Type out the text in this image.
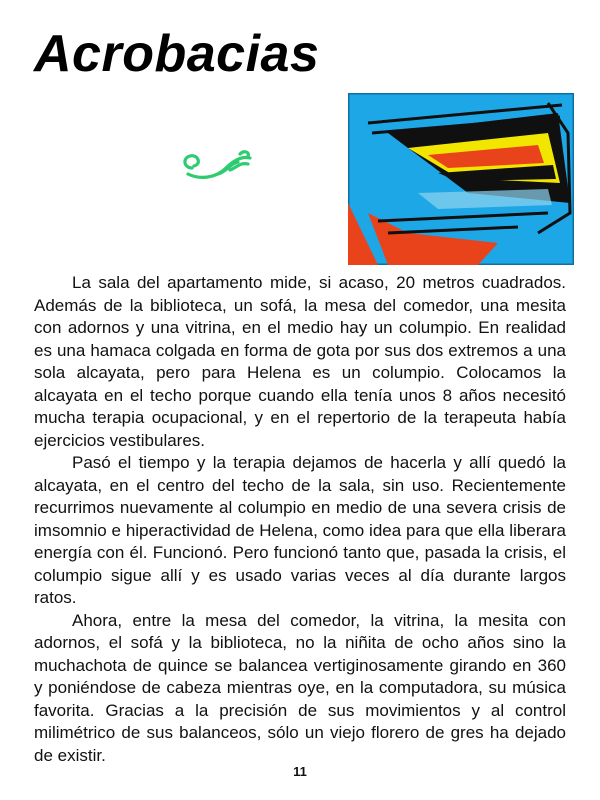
Acrobacias

La sala del apartamento mide, si acaso, 20 metros cuadrados. Además de la biblioteca, un sofá, la mesa del comedor, una mesita con adornos y una vitrina, en el medio hay un columpio. En realidad es una hamaca colgada en forma de gota por sus dos extremos a una sola alcayata, pero para Helena es un columpio. Colocamos la alcayata en el techo porque cuando ella tenía unos 8 años necesitó mucha terapia ocupacional, y en el repertorio de la terapeuta había ejercicios vestibulares.

Pasó el tiempo y la terapia dejamos de hacerla y allí quedó la alcayata, en el centro del techo de la sala, sin uso. Recientemente recurrimos nuevamente al columpio en medio de una severa crisis de imsomnio e hiperactividad de Helena, como idea para que ella liberara energía con él. Funcionó. Pero funcionó tanto que, pasada la crisis, el columpio sigue allí y es usado varias veces al día durante largos ratos.

Ahora, entre la mesa del comedor, la vitrina, la mesita con adornos, el sofá y la biblioteca, no la niñita de ocho años sino la muchachota de quince se balancea vertiginosamente girando en 360 y poniéndose de cabeza mientras oye, en la computadora, su música favorita. Gracias a la precisión de sus movimientos y al control milimétrico de sus balanceos, sólo un viejo florero de gres ha dejado de existir.

11
